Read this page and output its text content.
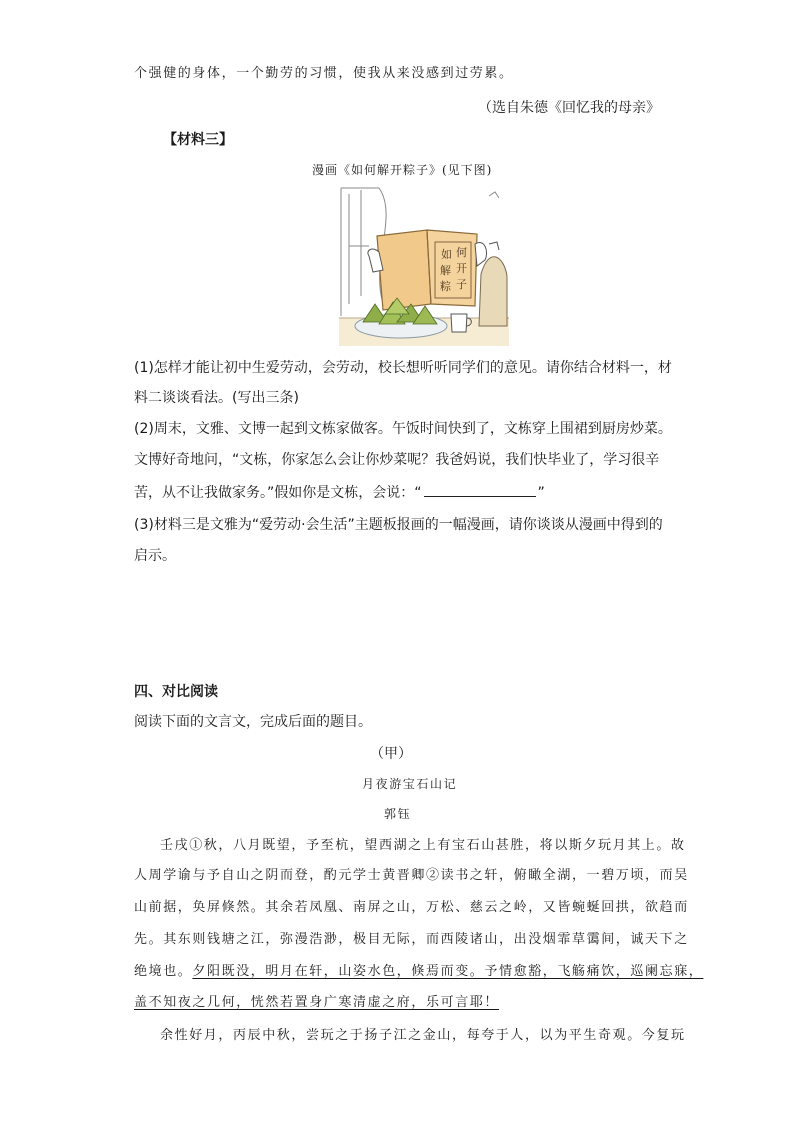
个强健的身体，一个勤劳的习惯，使我从来没感到过劳累。
（选自朱德《回忆我的母亲》
【材料三】
漫画《如何解开粽子》(见下图)
如 何
解 开
粽 子
(1)怎样才能让初中生爱劳动，会劳动，校长想听听同学们的意见。请你结合材料一，材
料二谈谈看法。(写出三条)
(2)周末，文雅、文博一起到文栋家做客。午饭时间快到了，文栋穿上围裙到厨房炒菜。
文博好奇地问，“文栋，你家怎么会让你炒菜呢？我爸妈说，我们快毕业了，学习很辛
苦，从不让我做家务。”假如你是文栋，会说：“	”
(3)材料三是文雅为“爱劳动·会生活”主题板报画的一幅漫画，请你谈谈从漫画中得到的
启示。
四、对比阅读
阅读下面的文言文，完成后面的题目。
（甲）
月夜游宝石山记
郭钰
壬戌①秋，八月既望，予至杭，望西湖之上有宝石山甚胜，将以斯夕玩月其上。故
人周学谕与予自山之阴而登，酌元学士黄晋卿②读书之轩，俯瞰全湖，一碧万顷，而吴
山前据，奂屏倏然。其余若凤凰、南屏之山，万松、慈云之岭，又皆蜿蜒回拱，欲趋而
先。其东则钱塘之江，弥漫浩渺，极目无际，而西陵诸山，出没烟霏草霭间，诚天下之
绝境也。夕阳既没，明月在轩，山姿水色，倏焉而变。予情愈豁，飞觞痛饮，巡阑忘寐，
盖不知夜之几何，恍然若置身广寒清虚之府，乐可言耶！
余性好月，丙辰中秋，尝玩之于扬子江之金山，每夸于人，以为平生奇观。今复玩
